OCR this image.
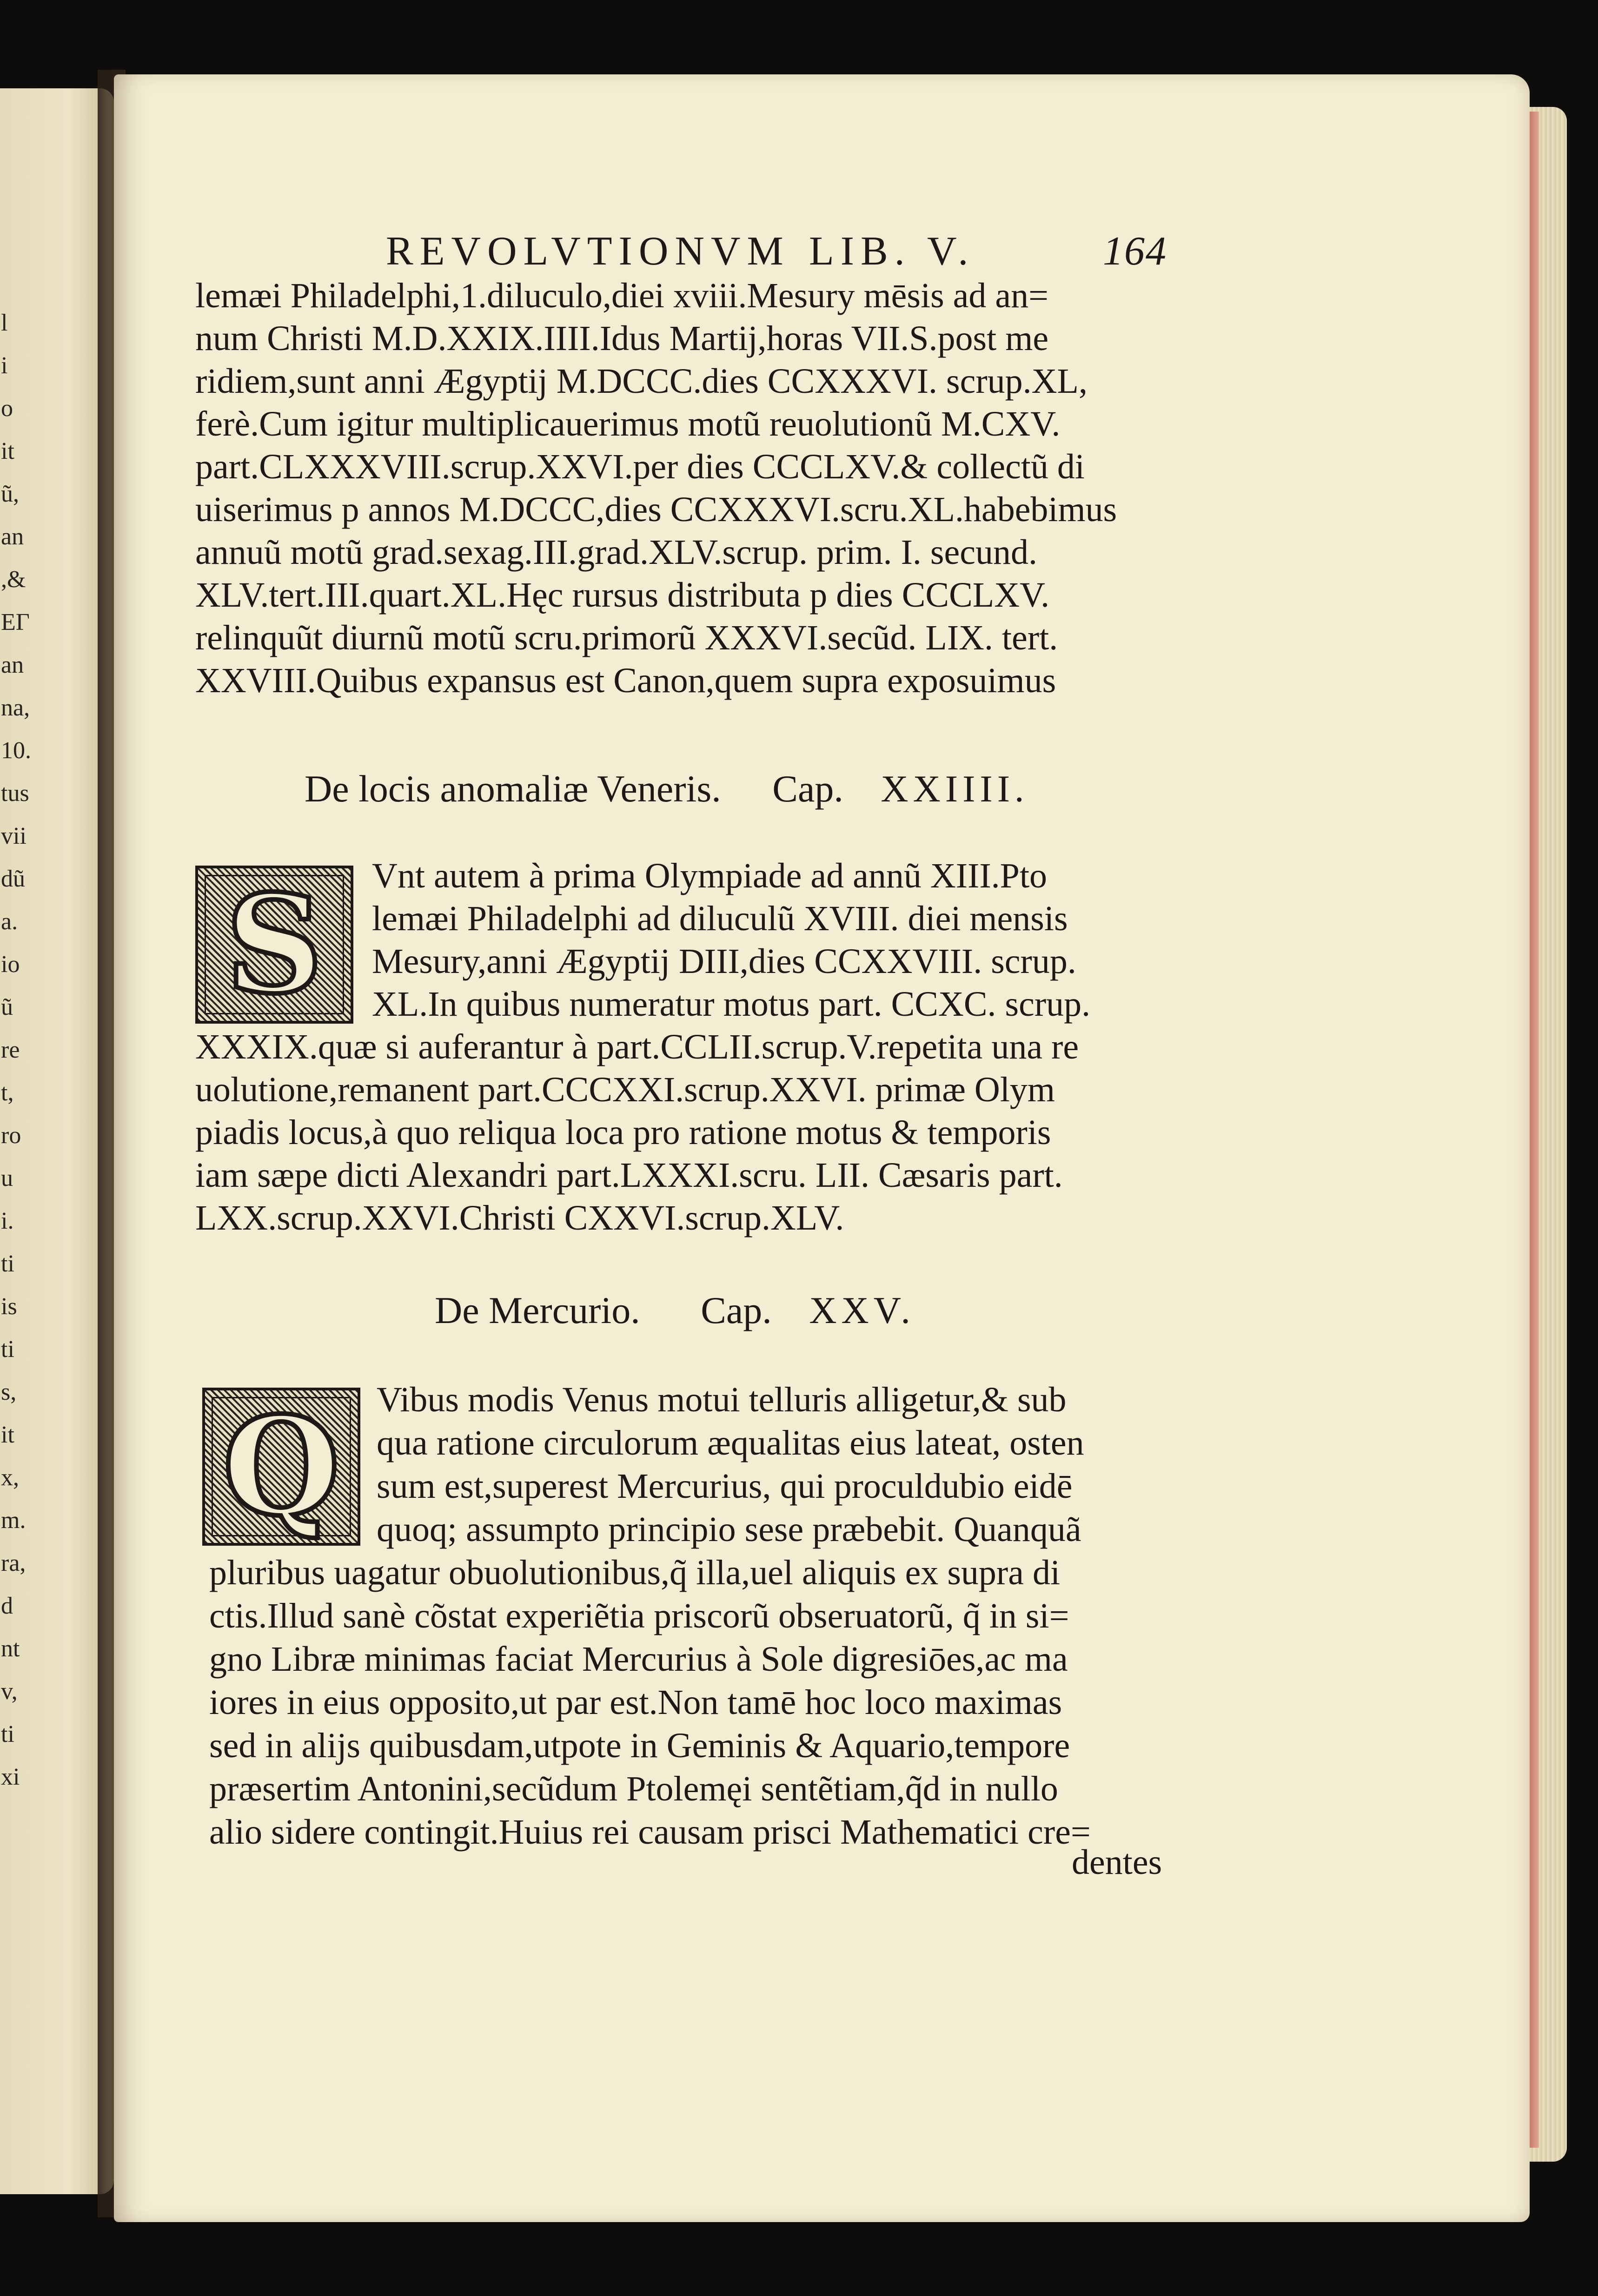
REVOLVTIONVM LIB. V.	164
lemæi Philadelphi,1.diluculo,diei xviii.Mesury mēsis ad an=
num Christi M.D.XXIX.IIII.Idus Martij,horas VII.S.post me
ridiem,sunt anni Ægyptij M.DCCC.dies CCXXXVI. scrup.XL,
ferè.Cum igitur multiplicauerimus motũ reuolutionũ M.CXV.
part.CLXXXVIII.scrup.XXVI.per dies CCCLXV.& collectũ di
uiserimus p annos M.DCCC,dies CCXXXVI.scru.XL.habebimus
annuũ motũ grad.sexag.III.grad.XLV.scrup. prim. I. secund.
XLV.tert.III.quart.XL.Hęc rursus distributa p dies CCCLXV.
relinquũt diurnũ motũ scru.primorũ XXXVI.secũd. LIX. tert.
XXVIII.Quibus expansus est Canon,quem supra exposuimus
De locis anomaliæ Veneris. Cap. XXIIII.
S	Vnt autem à prima Olympiade ad annũ XIII.Pto
lemæi Philadelphi ad diluculũ XVIII. diei mensis
Mesury,anni Ægyptij DIII,dies CCXXVIII. scrup.
XL.In quibus numeratur motus part. CCXC. scrup.
XXXIX.quæ si auferantur à part.CCLII.scrup.V.repetita una re
uolutione,remanent part.CCCXXI.scrup.XXVI. primæ Olym
piadis locus,à quo reliqua loca pro ratione motus & temporis
iam sæpe dicti Alexandri part.LXXXI.scru. LII. Cæsaris part.
LXX.scrup.XXVI.Christi CXXVI.scrup.XLV.
De Mercurio. Cap. XXV.
Q	Vibus modis Venus motui telluris alligetur,& sub
qua ratione circulorum æqualitas eius lateat, osten
sum est,superest Mercurius, qui proculdubio eidē
quoq; assumpto principio sese præbebit. Quanquã
pluribus uagatur obuolutionibus,q̃ illa,uel aliquis ex supra di
ctis.Illud sanè cõstat experiẽtia priscorũ obseruatorũ, q̃ in si=
gno Libræ minimas faciat Mercurius à Sole digresiōes,ac ma
iores in eius opposito,ut par est.Non tamē hoc loco maximas
sed in alijs quibusdam,utpote in Geminis & Aquario,tempore
præsertim Antonini,secũdum Ptolemęi sentẽtiam,q̃d in nullo
alio sidere contingit.Huius rei causam prisci Mathematici cre=
dentes
l
i
o
it
ũ,
an
,&
ΕΓ
an
na,
10.
tus
vii
dũ
a.
io
ũ
re
t,
ro
u
i.
ti
is
ti
s,
it
x,
m.
ra,
d
nt
v,
ti
xi
